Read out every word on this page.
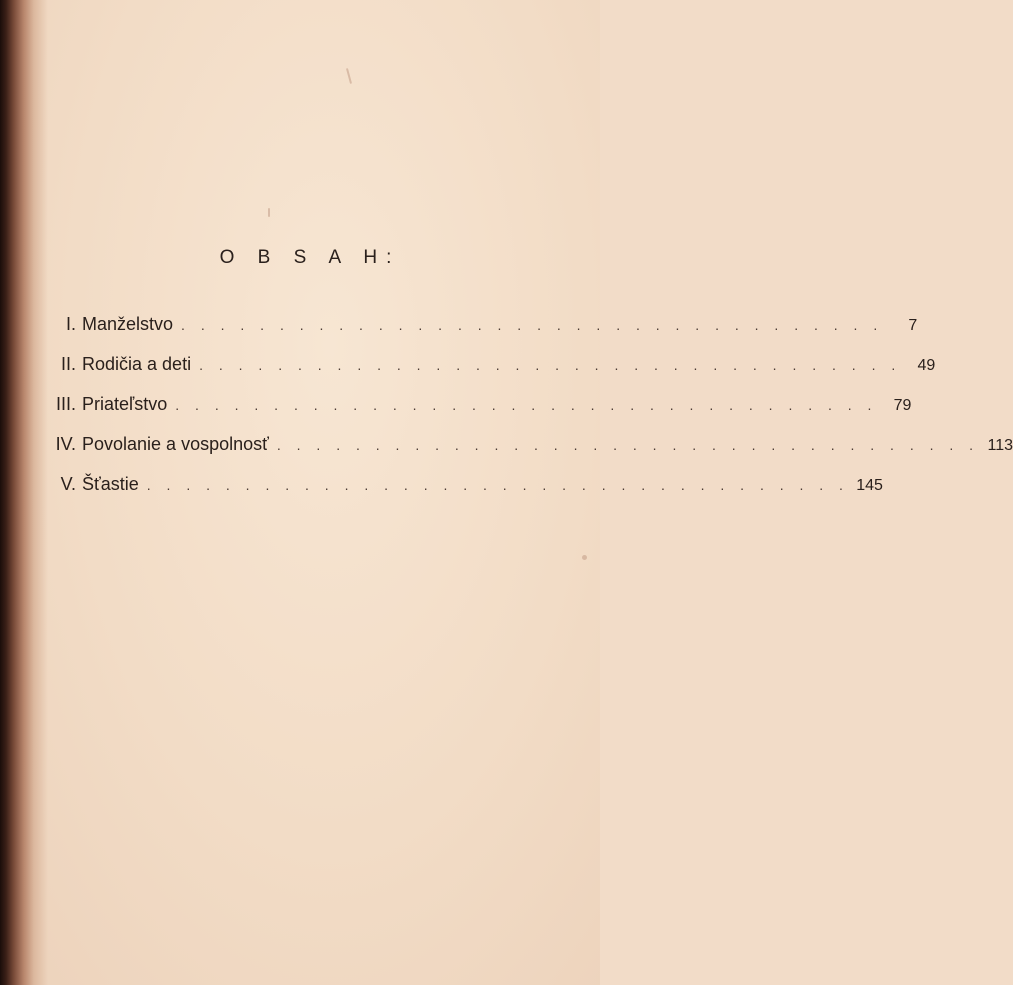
O B S A H:
I. Manželstvo . . . . . . . . . . . . . . . . . . . . . . . . . . . . . . . . . . . .	7
II. Rodičia a deti . . . . . . . . . . . . . . . . . . . . . . . . . . . . . . . . . . . .	49
III. Priateľstvo . . . . . . . . . . . . . . . . . . . . . . . . . . . . . . . . . . . .	79
IV. Povolanie a vospolnosť . . . . . . . . . . . . . . . . . . . . . . . . . . . . . . . . . . . . 113
V. Šťastie . . . . . . . . . . . . . . . . . . . . . . . . . . . . . . . . . . . . 145
